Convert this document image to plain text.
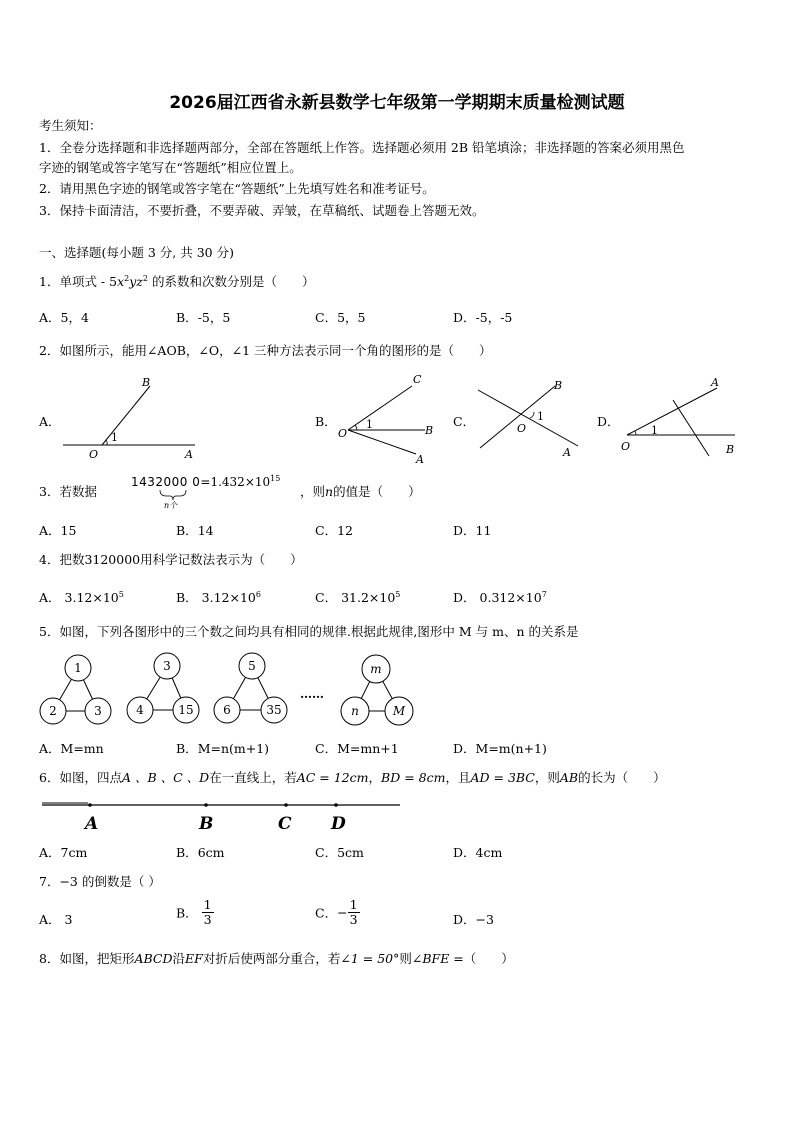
2026届江西省永新县数学七年级第一学期期末质量检测试题
考生须知：
1．全卷分选择题和非选择题两部分，全部在答题纸上作答。选择题必须用 2B 铅笔填涂；非选择题的答案必须用黑色
字迹的钢笔或答字笔写在“答题纸”相应位置上。
2．请用黑色字迹的钢笔或答字笔在“答题纸”上先填写姓名和准考证号。
3．保持卡面清洁，不要折叠，不要弄破、弄皱，在草稿纸、试题卷上答题无效。
一、选择题(每小题 3 分, 共 30 分)
1．单项式 - $5x^2yz^2$ 的系数和次数分别是（　　）
A．5，4	B．-5，5	C．5，5	D．-5，-5
2．如图所示，能用∠AOB，∠O，∠1 三种方法表示同一个角的图形的是（　　）
A．
B
1
O	A
B．
C
1
O	B
A
C．
B
1
O
A
D．
A
1
O	B
3．若数据
1432000 $0=1.432\times 10^{15}$
n个
，则n的值是（　　）
A．15	B．14	C．12	D．11
4．把数3120000用科学记数法表示为（　　）
A． $3.12\times 10^5$	B． $3.12\times 10^6$	C． $31.2\times 10^5$	D． $0.312\times 10^7$
5．如图，下列各图形中的三个数之间均具有相同的规律.根据此规律,图形中 M 与 m、n 的关系是
1
2	3
3
4	15
5
6	35
……
m
n	M
A．M=mn	B．M=n(m+1)	C．M=mn+1	D．M=m(n+1)
6．如图，四点A 、B 、C 、D在一直线上，若AC = 12cm，BD = 8cm，且AD = 3BC，则AB的长为（　　）
A	B	C D
A．7cm	B．6cm	C．5cm	D．4cm
7．−3 的倒数是（ ）
A． 3	B． $\frac{1}{3}$	C．− $\frac{1}{3}$	D．−3
8．如图，把矩形ABCD沿EF对折后使两部分重合，若∠1 = 50°则∠BFE =（　　）
